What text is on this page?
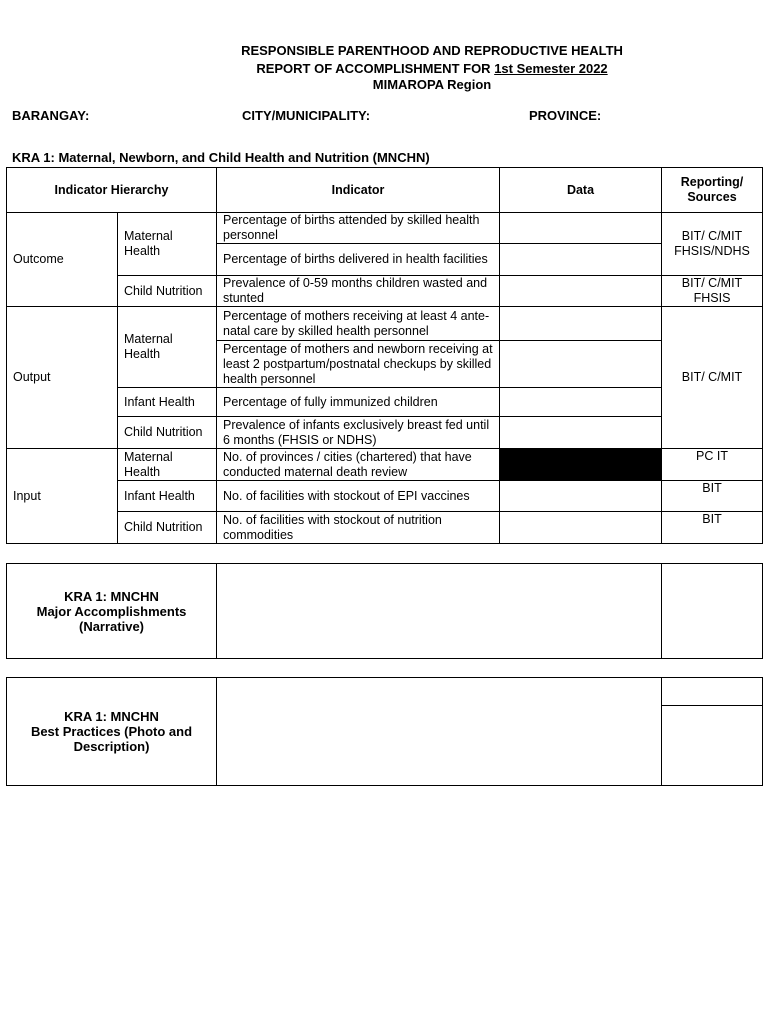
RESPONSIBLE PARENTHOOD AND REPRODUCTIVE HEALTH
REPORT OF ACCOMPLISHMENT FOR 1st Semester 2022
MIMAROPA Region
BARANGAY:	CITY/MUNICIPALITY:	PROVINCE:
KRA 1: Maternal, Newborn, and Child Health and Nutrition (MNCHN)
Indicator Hierarchy		Indicator	Data	Reporting/ Sources
Outcome	Maternal Health	Percentage of births attended by skilled health personnel		BIT/ C/MIT FHSIS/NDHS
		Percentage of births delivered in health facilities		
	Child Nutrition	Prevalence of 0-59 months children wasted and stunted		BIT/ C/MIT FHSIS
Output	Maternal Health	Percentage of mothers receiving at least 4 ante-natal care by skilled health personnel		BIT/ C/MIT
		Percentage of mothers and newborn receiving at least 2 postpartum/postnatal checkups by skilled health personnel		
	Infant Health	Percentage of fully immunized children		
	Child Nutrition	Prevalence of infants exclusively breast fed until 6 months (FHSIS or NDHS)		
Input	Maternal Health	No. of provinces / cities (chartered) that have conducted maternal death review		PC IT
	Infant Health	No. of facilities with stockout of EPI vaccines		BIT
	Child Nutrition	No. of facilities with stockout of nutrition commodities		BIT
KRA 1: MNCHN
Major Accomplishments
(Narrative)

KRA 1: MNCHN
Best Practices (Photo and
Description)
